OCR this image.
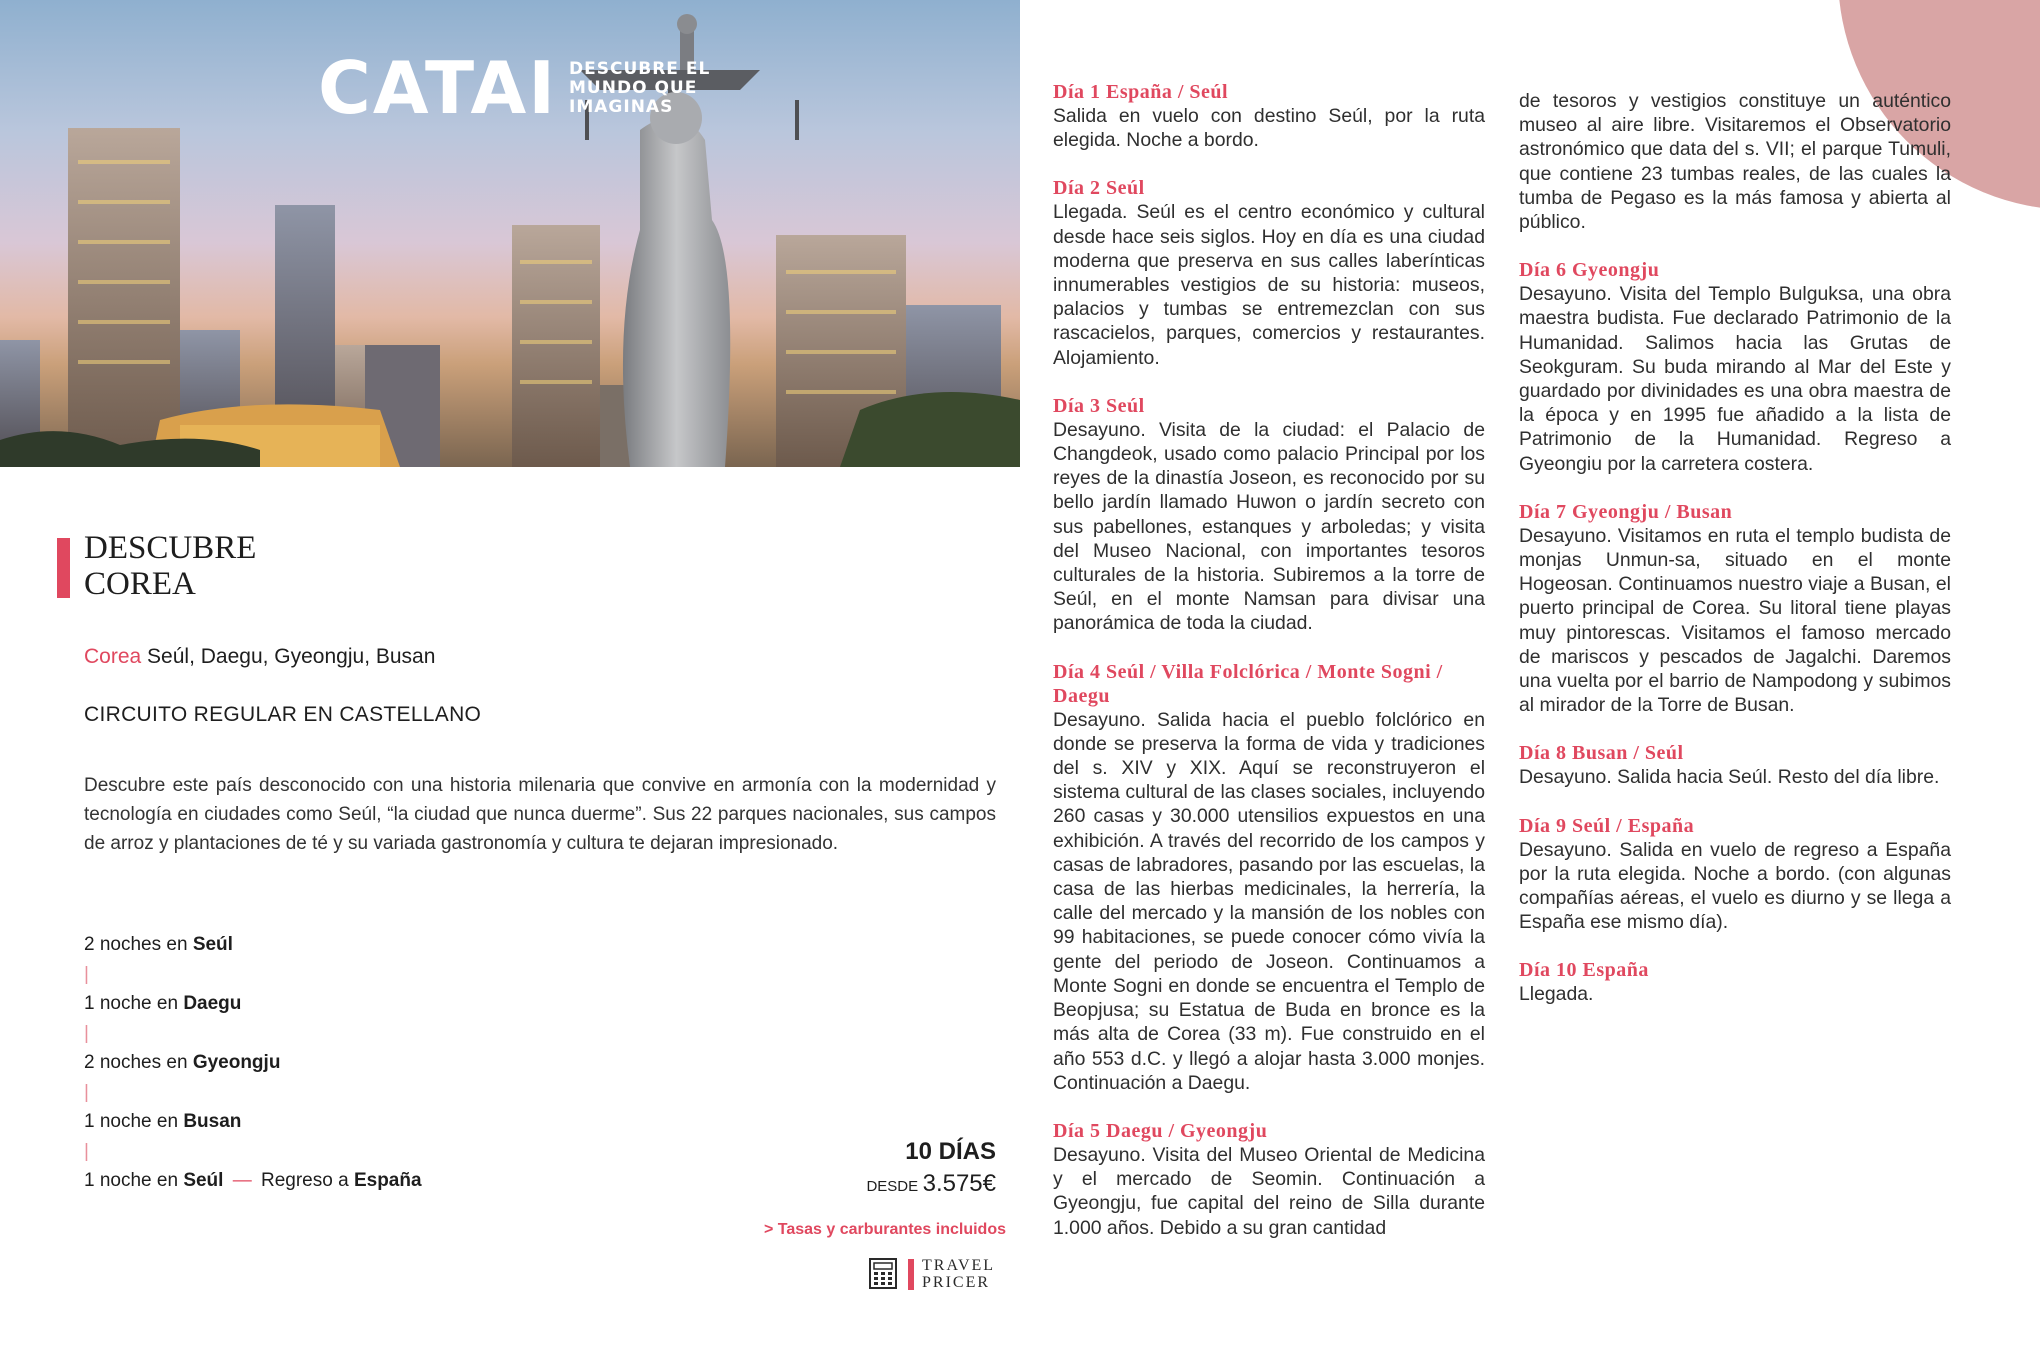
CATAI DESCUBRE EL
MUNDO QUE
IMAGINAS
DESCUBRE
COREA
Corea Seúl, Daegu, Gyeongju, Busan
CIRCUITO REGULAR EN CASTELLANO
Descubre este país desconocido con una historia milenaria que convive en armonía con la modernidad y tecnología en ciudades como Seúl, “la ciudad que nunca duerme”. Sus 22 parques nacionales, sus campos de arroz y plantaciones de té y su variada gastronomía y cultura te dejaran impresionado.
2 noches en Seúl
|
1 noche en Daegu
|
2 noches en Gyeongju
|
1 noche en Busan
|
1 noche en Seúl — Regreso a España
10 DÍAS
DESDE 3.575€
> Tasas y carburantes incluidos
TRAVEL
PRICER
Día 1 España / Seúl
Salida en vuelo con destino Seúl, por la ruta elegida. Noche a bordo.
Día 2 Seúl
Llegada. Seúl es el centro económico y cultural desde hace seis siglos. Hoy en día es una ciudad moderna que preserva en sus calles laberínticas innumerables vestigios de su historia: museos, palacios y tumbas se entremezclan con sus rascacielos, parques, comercios y restaurantes. Alojamiento.
Día 3 Seúl
Desayuno. Visita de la ciudad: el Palacio de Changdeok, usado como palacio Principal por los reyes de la dinastía Joseon, es reconocido por su bello jardín llamado Huwon o jardín secreto con sus pabellones, estanques y arboledas; y visita del Museo Nacional, con importantes tesoros culturales de la historia. Subiremos a la torre de Seúl, en el monte Namsan para divisar una panorámica de toda la ciudad.
Día 4 Seúl / Villa Folclórica / Monte Sogni / Daegu
Desayuno. Salida hacia el pueblo folclórico en donde se preserva la forma de vida y tradiciones del s. XIV y XIX. Aquí se reconstruyeron el sistema cultural de las clases sociales, incluyendo 260 casas y 30.000 utensilios expuestos en una exhibición. A través del recorrido de los campos y casas de labradores, pasando por las escuelas, la casa de las hierbas medicinales, la herrería, la calle del mercado y la mansión de los nobles con 99 habitaciones, se puede conocer cómo vivía la gente del periodo de Joseon. Continuamos a Monte Sogni en donde se encuentra el Templo de Beopjusa; su Estatua de Buda en bronce es la más alta de Corea (33 m). Fue construido en el año 553 d.C. y llegó a alojar hasta 3.000 monjes. Continuación a Daegu.
Día 5 Daegu / Gyeongju
Desayuno. Visita del Museo Oriental de Medicina y el mercado de Seomin. Continuación a Gyeongju, fue capital del reino de Silla durante 1.000 años. Debido a su gran cantidad
de tesoros y vestigios constituye un auténtico museo al aire libre. Visitaremos el Observatorio astronómico que data del s. VII; el parque Tumuli, que contiene 23 tumbas reales, de las cuales la tumba de Pegaso es la más famosa y abierta al público.
Día 6 Gyeongju
Desayuno. Visita del Templo Bulguksa, una obra maestra budista. Fue declarado Patrimonio de la Humanidad. Salimos hacia las Grutas de Seokguram. Su buda mirando al Mar del Este y guardado por divinidades es una obra maestra de la época y en 1995 fue añadido a la lista de Patrimonio de la Humanidad. Regreso a Gyeongiu por la carretera costera.
Día 7 Gyeongju / Busan
Desayuno. Visitamos en ruta el templo budista de monjas Unmun-sa, situado en el monte Hogeosan. Continuamos nuestro viaje a Busan, el puerto principal de Corea. Su litoral tiene playas muy pintorescas. Visitamos el famoso mercado de mariscos y pescados de Jagalchi. Daremos una vuelta por el barrio de Nampodong y subimos al mirador de la Torre de Busan.
Día 8 Busan / Seúl
Desayuno. Salida hacia Seúl. Resto del día libre.
Día 9 Seúl / España
Desayuno. Salida en vuelo de regreso a España por la ruta elegida. Noche a bordo. (con algunas compañías aéreas, el vuelo es diurno y se llega a España ese mismo día).
Día 10 España
Llegada.
